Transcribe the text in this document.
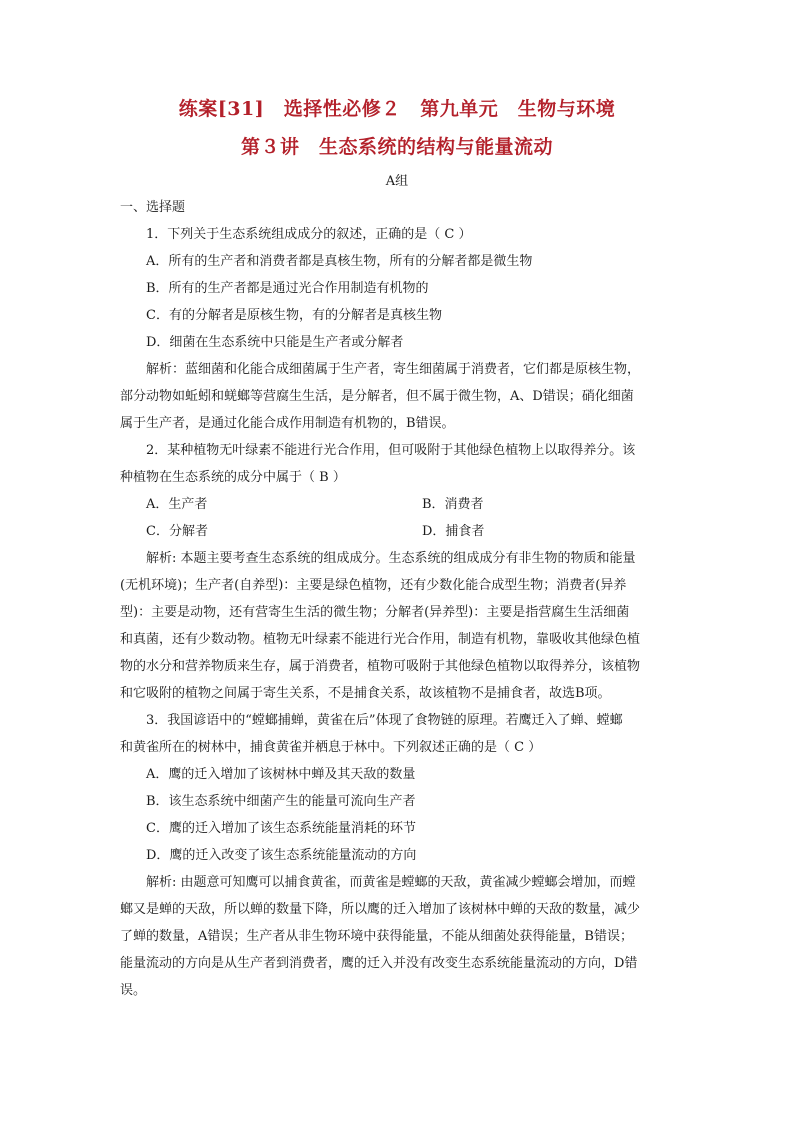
练案[31]　选择性必修２　第九单元　生物与环境
第３讲　生态系统的结构与能量流动
A组
一、选择题
1．下列关于生态系统组成成分的叙述，正确的是（ C ）
A．所有的生产者和消费者都是真核生物，所有的分解者都是微生物
B．所有的生产者都是通过光合作用制造有机物的
C．有的分解者是原核生物，有的分解者是真核生物
D．细菌在生态系统中只能是生产者或分解者
解析：蓝细菌和化能合成细菌属于生产者，寄生细菌属于消费者，它们都是原核生物，
部分动物如蚯蚓和蜣螂等营腐生生活，是分解者，但不属于微生物，A、D错误；硝化细菌
属于生产者，是通过化能合成作用制造有机物的，B错误。
2．某种植物无叶绿素不能进行光合作用，但可吸附于其他绿色植物上以取得养分。该
种植物在生态系统的成分中属于（ B ）
A．生产者	B．消费者
C．分解者	D．捕食者
解析: 本题主要考查生态系统的组成成分。生态系统的组成成分有非生物的物质和能量
(无机环境)；生产者(自养型)：主要是绿色植物，还有少数化能合成型生物；消费者(异养
型)：主要是动物，还有营寄生生活的微生物；分解者(异养型)：主要是指营腐生生活细菌
和真菌，还有少数动物。植物无叶绿素不能进行光合作用，制造有机物，靠吸收其他绿色植
物的水分和营养物质来生存，属于消费者，植物可吸附于其他绿色植物以取得养分，该植物
和它吸附的植物之间属于寄生关系，不是捕食关系，故该植物不是捕食者，故选B项。
3．我国谚语中的“螳螂捕蝉，黄雀在后”体现了食物链的原理。若鹰迁入了蝉、螳螂
和黄雀所在的树林中，捕食黄雀并栖息于林中。下列叙述正确的是（ C ）
A．鹰的迁入增加了该树林中蝉及其天敌的数量
B．该生态系统中细菌产生的能量可流向生产者
C．鹰的迁入增加了该生态系统能量消耗的环节
D．鹰的迁入改变了该生态系统能量流动的方向
解析: 由题意可知鹰可以捕食黄雀，而黄雀是螳螂的天敌，黄雀减少螳螂会增加，而螳
螂又是蝉的天敌，所以蝉的数量下降，所以鹰的迁入增加了该树林中蝉的天敌的数量，减少
了蝉的数量，A错误；生产者从非生物环境中获得能量，不能从细菌处获得能量，B错误；
能量流动的方向是从生产者到消费者，鹰的迁入并没有改变生态系统能量流动的方向，D错
误。
